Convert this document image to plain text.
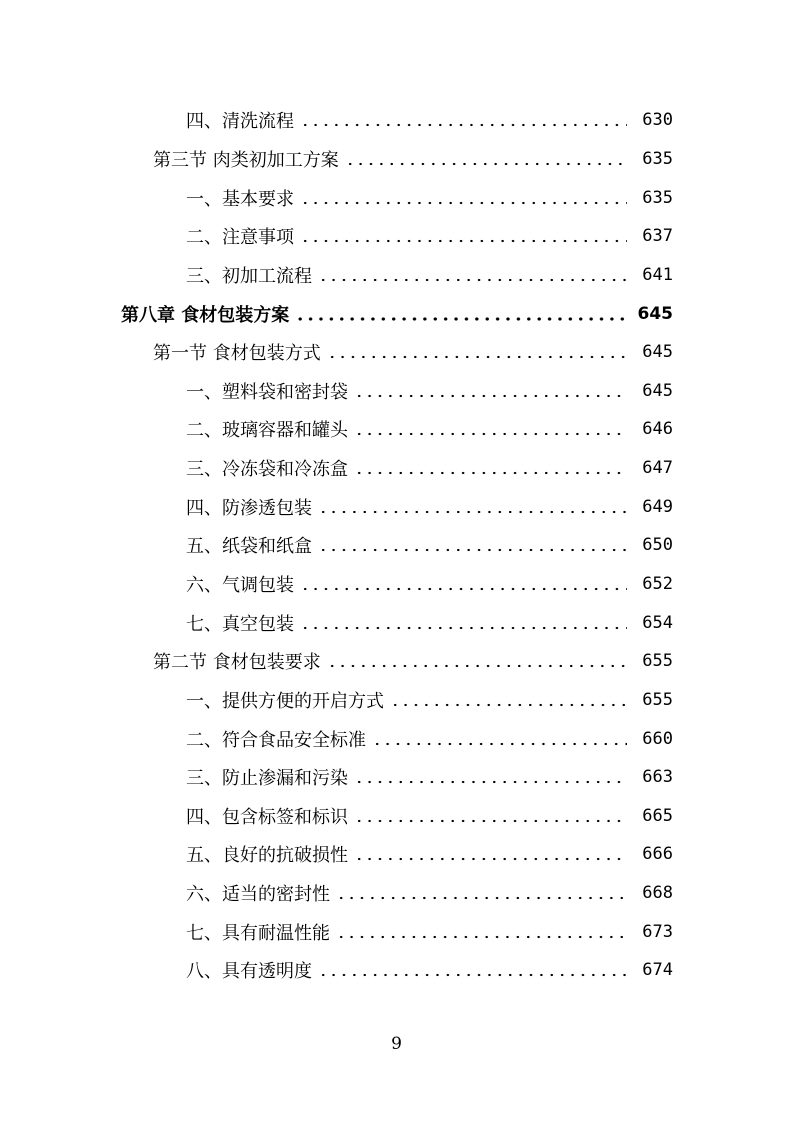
四、清洗流程	630
第三节 肉类初加工方案	635
一、基本要求	635
二、注意事项	637
三、初加工流程	641
第八章 食材包装方案	645
第一节 食材包装方式	645
一、塑料袋和密封袋	645
二、玻璃容器和罐头	646
三、冷冻袋和冷冻盒	647
四、防渗透包装	649
五、纸袋和纸盒	650
六、气调包装	652
七、真空包装	654
第二节 食材包装要求	655
一、提供方便的开启方式	655
二、符合食品安全标准	660
三、防止渗漏和污染	663
四、包含标签和标识	665
五、良好的抗破损性	666
六、适当的密封性	668
七、具有耐温性能	673
八、具有透明度	674
9
